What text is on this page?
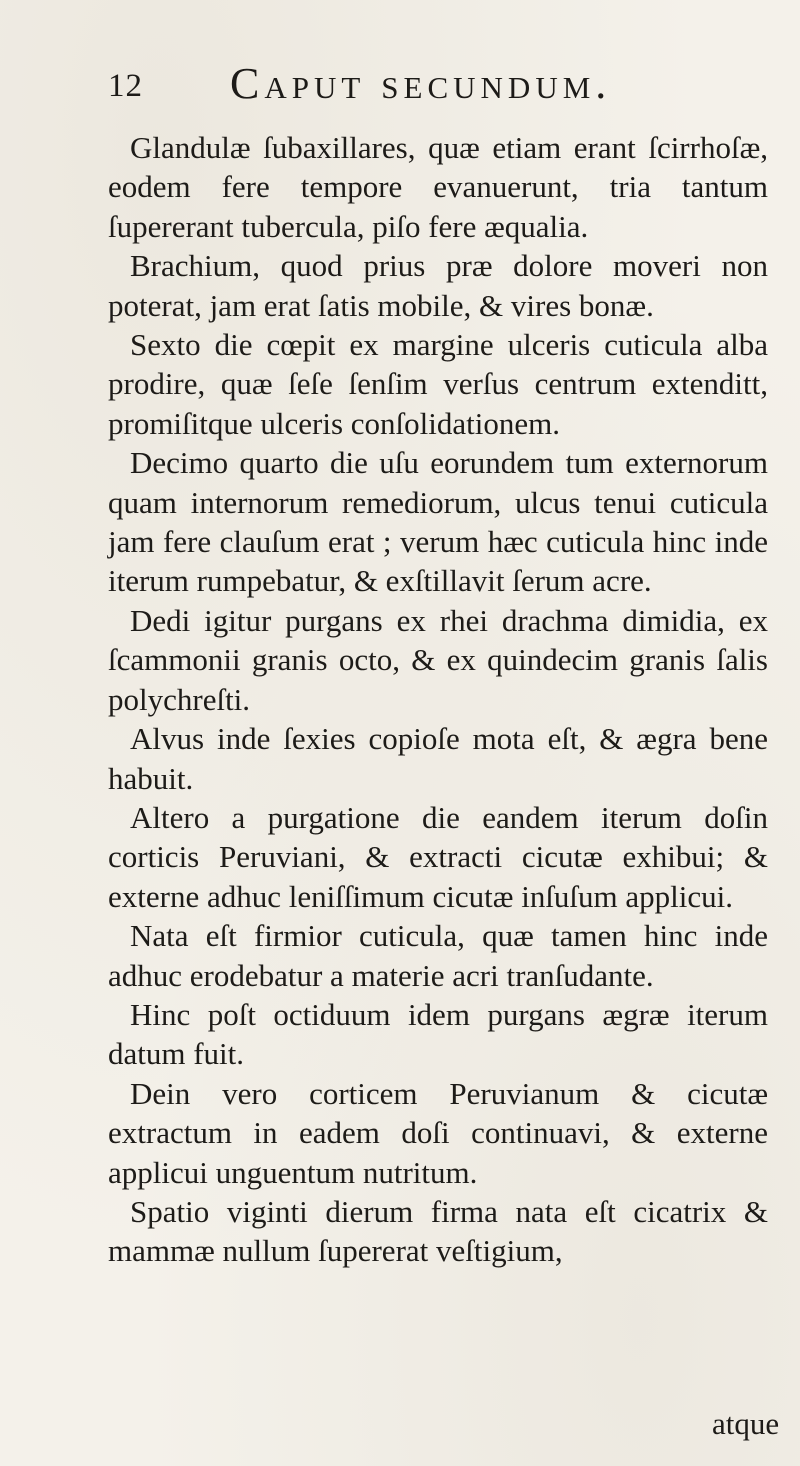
12 Caput secundum.

Glandulæ ſubaxillares, quæ etiam erant ſcirrhoſæ, eodem fere tempore evanuerunt, tria tantum ſupererant tubercula, piſo fere æqualia.

Brachium, quod prius præ dolore moveri non poterat, jam erat ſatis mobile, & vires bonæ.

Sexto die cœpit ex margine ulceris cuticula alba prodire, quæ ſeſe ſenſim verſus centrum extenditt, promiſitque ulceris conſolidationem.

Decimo quarto die uſu eorundem tum externorum quam internorum remediorum, ulcus tenui cuticula jam fere clauſum erat ; verum hæc cuticula hinc inde iterum rumpebatur, & exſtillavit ſerum acre.

Dedi igitur purgans ex rhei drachma dimidia, ex ſcammonii granis octo, & ex quindecim granis ſalis polychreſti.

Alvus inde ſexies copioſe mota eſt, & ægra bene habuit.

Altero a purgatione die eandem iterum doſin corticis Peruviani, & extracti cicutæ exhibui; & externe adhuc leniſſimum cicutæ inſuſum applicui.

Nata eſt firmior cuticula, quæ tamen hinc inde adhuc erodebatur a materie acri tranſudante.

Hinc poſt octiduum idem purgans ægræ iterum datum fuit.

Dein vero corticem Peruvianum & cicutæ extractum in eadem doſi continuavi, & externe applicui unguentum nutritum.

Spatio viginti dierum firma nata eſt cicatrix & mammæ nullum ſupererat veſtigium,

atque
